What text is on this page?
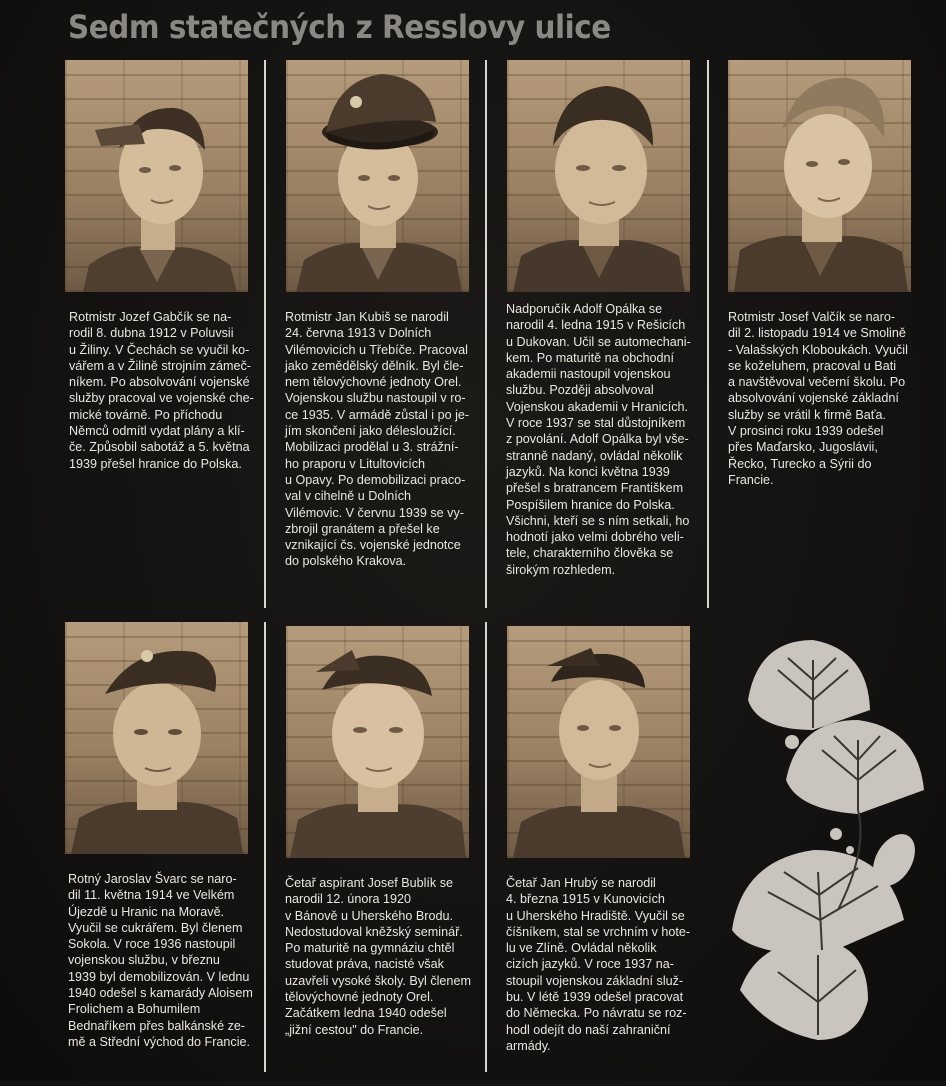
Sedm statečných z Resslovy ulice
Rotmistr Jozef Gabčík se na-
rodil 8. dubna 1912 v Poluvsii
u Žiliny. V Čechách se vyučil ko-
vářem a v Žilině strojním zámeč-
níkem. Po absolvování vojenské
služby pracoval ve vojenské che-
mické továrně. Po příchodu
Němců odmítl vydat plány a klí-
če. Způsobil sabotáž a 5. května
1939 přešel hranice do Polska.
Rotmistr Jan Kubiš se narodil
24. června 1913 v Dolních
Vilémovicích u Třebíče. Pracoval
jako zemědělský dělník. Byl čle-
nem tělovýchovné jednoty Orel.
Vojenskou službu nastoupil v ro-
ce 1935. V armádě zůstal i po je-
jím skončení jako délesloužící.
Mobilizaci prodělal u 3. strážní-
ho praporu v Litultovicích
u Opavy. Po demobilizaci praco-
val v cihelně u Dolních
Vilémovic. V červnu 1939 se vy-
zbrojil granátem a přešel ke
vznikající čs. vojenské jednotce
do polského Krakova.
Nadporučík Adolf Opálka se
narodil 4. ledna 1915 v Rešicích
u Dukovan. Učil se automechani-
kem. Po maturitě na obchodní
akademii nastoupil vojenskou
službu. Později absolvoval
Vojenskou akademii v Hranicích.
V roce 1937 se stal důstojníkem
z povolání. Adolf Opálka byl vše-
stranně nadaný, ovládal několik
jazyků. Na konci května 1939
přešel s bratrancem Františkem
Pospíšilem hranice do Polska.
Všichni, kteří se s ním setkali, ho
hodnotí jako velmi dobrého veli-
tele, charakterního člověka se
širokým rozhledem.
Rotmistr Josef Valčík se naro-
dil 2. listopadu 1914 ve Smolině
- Valašských Kloboukách. Vyučil
se koželuhem, pracoval u Bati
a navštěvoval večerní školu. Po
absolvování vojenské základní
služby se vrátil k firmě Baťa.
V prosinci roku 1939 odešel
přes Maďarsko, Jugoslávii,
Řecko, Turecko a Sýrii do
Francie.
Rotný Jaroslav Švarc se naro-
dil 11. května 1914 ve Velkém
Újezdě u Hranic na Moravě.
Vyučil se cukrářem. Byl členem
Sokola. V roce 1936 nastoupil
vojenskou službu, v březnu
1939 byl demobilizován. V lednu
1940 odešel s kamarády Aloisem
Frolichem a Bohumilem
Bednaříkem přes balkánské ze-
mě a Střední východ do Francie.
Četař aspirant Josef Bublík se
narodil 12. února 1920
v Bánově u Uherského Brodu.
Nedostudoval kněžský seminář.
Po maturitě na gymnáziu chtěl
studovat práva, nacisté však
uzavřeli vysoké školy. Byl členem
tělovýchovné jednoty Orel.
Začátkem ledna 1940 odešel
„jižní cestou" do Francie.
Četař Jan Hrubý se narodil
4. března 1915 v Kunovicích
u Uherského Hradiště. Vyučil se
číšníkem, stal se vrchním v hote-
lu ve Zlíně. Ovládal několik
cizích jazyků. V roce 1937 na-
stoupil vojenskou základní služ-
bu. V létě 1939 odešel pracovat
do Německa. Po návratu se roz-
hodl odejít do naší zahraniční
armády.
